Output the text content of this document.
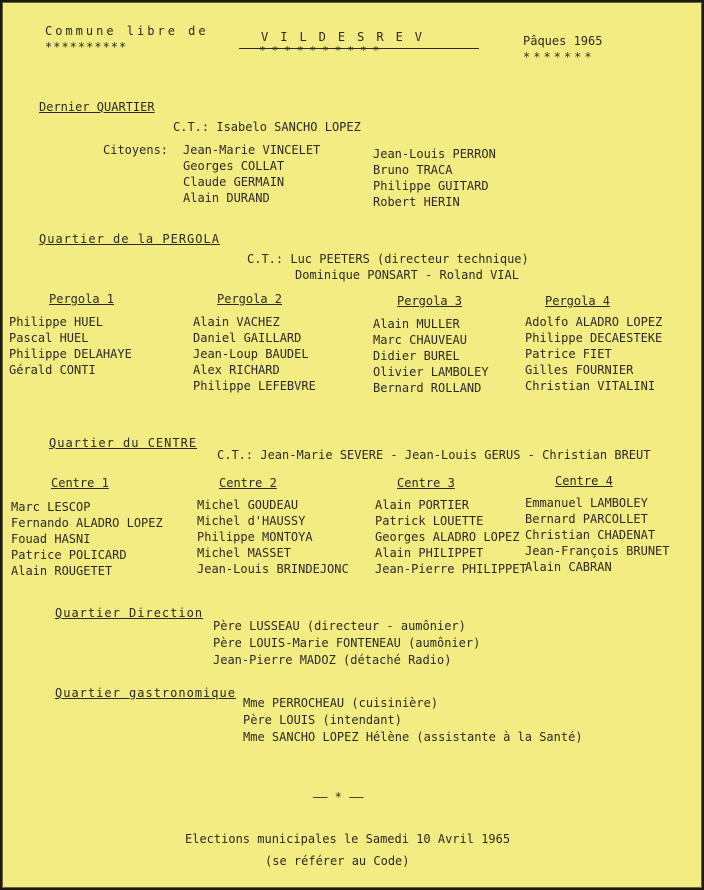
Commune libre de
**********
VILDESREV
**********
Pâques 1965
*******
Dernier QUARTIER
C.T.: Isabelo SANCHO LOPEZ
Citoyens: Jean-Marie VINCELET
Georges COLLAT
Claude GERMAIN
Alain DURAND
Jean-Louis PERRON
Bruno TRACA
Philippe GUITARD
Robert HERIN
Quartier de la PERGOLA
C.T.: Luc PEETERS (directeur technique)
Dominique PONSART - Roland VIAL
Pergola 1
Philippe HUEL
Pascal HUEL
Philippe DELAHAYE
Gérald CONTI
Pergola 2
Alain VACHEZ
Daniel GAILLARD
Jean-Loup BAUDEL
Alex RICHARD
Philippe LEFEBVRE
Pergola 3
Alain MULLER
Marc CHAUVEAU
Didier BUREL
Olivier LAMBOLEY
Bernard ROLLAND
Pergola 4
Adolfo ALADRO LOPEZ
Philippe DECAESTEKE
Patrice FIET
Gilles FOURNIER
Christian VITALINI
Quartier du CENTRE
C.T.: Jean-Marie SEVERE - Jean-Louis GERUS - Christian BREUT
Centre 1
Marc LESCOP
Fernando ALADRO LOPEZ
Fouad HASNI
Patrice POLICARD
Alain ROUGETET
Centre 2
Michel GOUDEAU
Michel d'HAUSSY
Philippe MONTOYA
Michel MASSET
Jean-Louis BRINDEJONC
Centre 3
Alain PORTIER
Patrick LOUETTE
Georges ALADRO LOPEZ
Alain PHILIPPET
Jean-Pierre PHILIPPET
Centre 4
Emmanuel LAMBOLEY
Bernard PARCOLLET
Christian CHADENAT
Jean-François BRUNET
Alain CABRAN
Quartier Direction
Père LUSSEAU (directeur - aumônier)
Père LOUIS-Marie FONTENEAU (aumônier)
Jean-Pierre MADOZ (détaché Radio)
Quartier gastronomique
Mme PERROCHEAU (cuisinière)
Père LOUIS (intendant)
Mme SANCHO LOPEZ Hélène (assistante à la Santé)
—— * ——
Elections municipales le Samedi 10 Avril 1965
(se référer au Code)
